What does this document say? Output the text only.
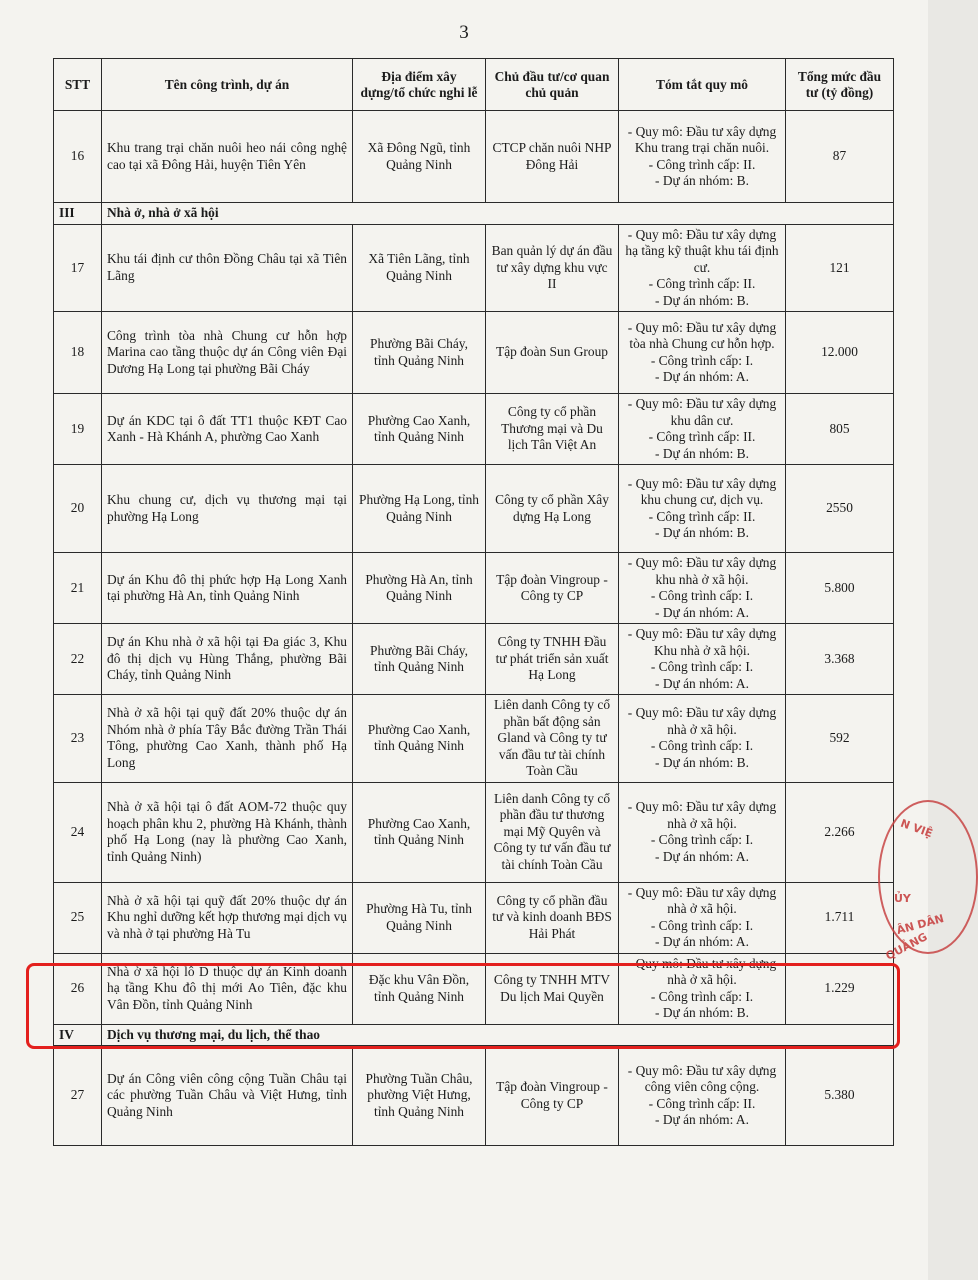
3
STT	Tên công trình, dự án	Địa điểm xây dựng/tổ chức nghi lễ	Chủ đầu tư/cơ quan chủ quản	Tóm tắt quy mô	Tổng mức đầu tư (tỷ đồng)
16	Khu trang trại chăn nuôi heo nái công nghệ cao tại xã Đông Hải, huyện Tiên Yên	Xã Đông Ngũ, tỉnh Quảng Ninh	CTCP chăn nuôi NHP Đông Hải	- Quy mô: Đầu tư xây dựng Khu trang trại chăn nuôi.
- Công trình cấp: II.
- Dự án nhóm: B.	87
III	Nhà ở, nhà ở xã hội				
17	Khu tái định cư thôn Đồng Châu tại xã Tiên Lãng	Xã Tiên Lãng, tỉnh Quảng Ninh	Ban quản lý dự án đầu tư xây dựng khu vực II	- Quy mô: Đầu tư xây dựng hạ tầng kỹ thuật khu tái định cư.
- Công trình cấp: II.
- Dự án nhóm: B.	121
18	Công trình tòa nhà Chung cư hỗn hợp Marina cao tầng thuộc dự án Công viên Đại Dương Hạ Long tại phường Bãi Cháy	Phường Bãi Cháy, tỉnh Quảng Ninh	Tập đoàn Sun Group	- Quy mô: Đầu tư xây dựng tòa nhà Chung cư hỗn hợp.
- Công trình cấp: I.
- Dự án nhóm: A.	12.000
19	Dự án KDC tại ô đất TT1 thuộc KĐT Cao Xanh - Hà Khánh A, phường Cao Xanh	Phường Cao Xanh, tỉnh Quảng Ninh	Công ty cổ phần Thương mại và Du lịch Tân Việt An	- Quy mô: Đầu tư xây dựng khu dân cư.
- Công trình cấp: II.
- Dự án nhóm: B.	805
20	Khu chung cư, dịch vụ thương mại tại phường Hạ Long	Phường Hạ Long, tỉnh Quảng Ninh	Công ty cổ phần Xây dựng Hạ Long	- Quy mô: Đầu tư xây dựng khu chung cư, dịch vụ.
- Công trình cấp: II.
- Dự án nhóm: B.	2550
21	Dự án Khu đô thị phức hợp Hạ Long Xanh tại phường Hà An, tỉnh Quảng Ninh	Phường Hà An, tỉnh Quảng Ninh	Tập đoàn Vingroup - Công ty CP	- Quy mô: Đầu tư xây dựng khu nhà ở xã hội.
- Công trình cấp: I.
- Dự án nhóm: A.	5.800
22	Dự án Khu nhà ở xã hội tại Đa giác 3, Khu đô thị dịch vụ Hùng Thắng, phường Bãi Cháy, tỉnh Quảng Ninh	Phường Bãi Cháy, tỉnh Quảng Ninh	Công ty TNHH Đầu tư phát triển sản xuất Hạ Long	- Quy mô: Đầu tư xây dựng Khu nhà ở xã hội.
- Công trình cấp: I.
- Dự án nhóm: A.	3.368
23	Nhà ở xã hội tại quỹ đất 20% thuộc dự án Nhóm nhà ở phía Tây Bắc đường Trần Thái Tông, phường Cao Xanh, thành phố Hạ Long	Phường Cao Xanh, tỉnh Quảng Ninh	Liên danh Công ty cổ phần bất động sản Gland và Công ty tư vấn đầu tư tài chính Toàn Cầu	- Quy mô: Đầu tư xây dựng nhà ở xã hội.
- Công trình cấp: I.
- Dự án nhóm: B.	592
24	Nhà ở xã hội tại ô đất AOM-72 thuộc quy hoạch phân khu 2, phường Hà Khánh, thành phố Hạ Long (nay là phường Cao Xanh, tỉnh Quảng Ninh)	Phường Cao Xanh, tỉnh Quảng Ninh	Liên danh Công ty cổ phần đầu tư thương mại Mỹ Quyên và Công ty tư vấn đầu tư tài chính Toàn Cầu	- Quy mô: Đầu tư xây dựng nhà ở xã hội.
- Công trình cấp: I.
- Dự án nhóm: A.	2.266
25	Nhà ở xã hội tại quỹ đất 20% thuộc dự án Khu nghỉ dưỡng kết hợp thương mại dịch vụ và nhà ở tại phường Hà Tu	Phường Hà Tu, tỉnh Quảng Ninh	Công ty cổ phần đầu tư và kinh doanh BĐS Hải Phát	- Quy mô: Đầu tư xây dựng nhà ở xã hội.
- Công trình cấp: I.
- Dự án nhóm: A.	1.711
26	Nhà ở xã hội lô D thuộc dự án Kinh doanh hạ tầng Khu đô thị mới Ao Tiên, đặc khu Vân Đồn, tỉnh Quảng Ninh	Đặc khu Vân Đồn, tỉnh Quảng Ninh	Công ty TNHH MTV Du lịch Mai Quyền	- Quy mô: Đầu tư xây dựng nhà ở xã hội.
- Công trình cấp: I.
- Dự án nhóm: B.	1.229
IV	Dịch vụ thương mại, du lịch, thể thao				
27	Dự án Công viên công cộng Tuần Châu tại các phường Tuần Châu và Việt Hưng, tỉnh Quảng Ninh	Phường Tuần Châu, phường Việt Hưng, tỉnh Quảng Ninh	Tập đoàn Vingroup - Công ty CP	- Quy mô: Đầu tư xây dựng công viên công cộng.
- Công trình cấp: II.
- Dự án nhóm: A.	5.380
N VIỆ
ỦY
ÂN DÂN
QUẢNG
